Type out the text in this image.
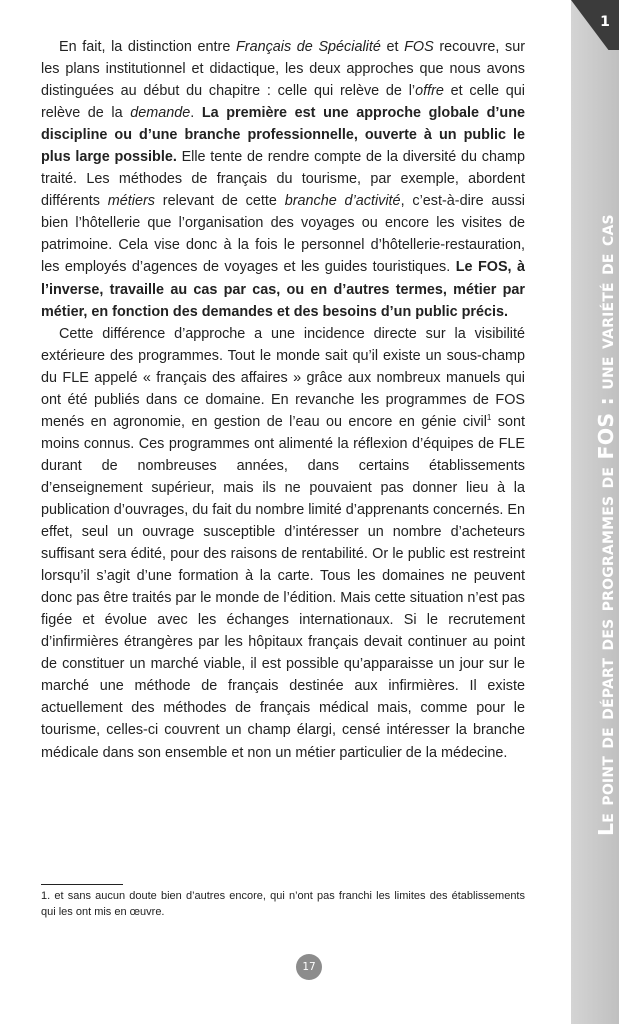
1
Le point de départ des programmes de FOS : une variété de cas

En fait, la distinction entre Français de Spécialité et FOS recouvre, sur les plans institutionnel et didactique, les deux approches que nous avons distinguées au début du chapitre : celle qui relève de l’offre et celle qui relève de la demande. La première est une approche globale d’une discipline ou d’une branche professionnelle, ouverte à un public le plus large possible. Elle tente de rendre compte de la diversité du champ traité. Les méthodes de français du tourisme, par exemple, abordent différents métiers relevant de cette branche d’activité, c’est-à-dire aussi bien l’hôtellerie que l’organisation des voyages ou encore les visites de patrimoine. Cela vise donc à la fois le personnel d’hôtellerie-restauration, les employés d’agences de voyages et les guides touristiques. Le FOS, à l’inverse, travaille au cas par cas, ou en d’autres termes, métier par métier, en fonction des demandes et des besoins d’un public précis.

Cette différence d’approche a une incidence directe sur la visibilité extérieure des programmes. Tout le monde sait qu’il existe un sous-champ du FLE appelé « français des affaires » grâce aux nombreux manuels qui ont été publiés dans ce domaine. En revanche les programmes de FOS menés en agronomie, en gestion de l’eau ou encore en génie civil$^1$ sont moins connus. Ces programmes ont alimenté la réflexion d’équipes de FLE durant de nombreuses années, dans certains établissements d’enseignement supérieur, mais ils ne pouvaient pas donner lieu à la publication d’ouvrages, du fait du nombre limité d’apprenants concernés. En effet, seul un ouvrage susceptible d’intéresser un nombre d’acheteurs suffisant sera édité, pour des raisons de rentabilité. Or le public est restreint lorsqu’il s’agit d’une formation à la carte. Tous les domaines ne peuvent donc pas être traités par le monde de l’édition. Mais cette situation n’est pas figée et évolue avec les échanges internationaux. Si le recrutement d’infirmières étrangères par les hôpitaux français devait continuer au point de constituer un marché viable, il est possible qu’apparaisse un jour sur le marché une méthode de français destinée aux infirmières. Il existe actuellement des méthodes de français médical mais, comme pour le tourisme, celles-ci couvrent un champ élargi, censé intéresser la branche médicale dans son ensemble et non un métier particulier de la médecine.

1. et sans aucun doute bien d’autres encore, qui n’ont pas franchi les limites des établissements qui les ont mis en œuvre.
17
